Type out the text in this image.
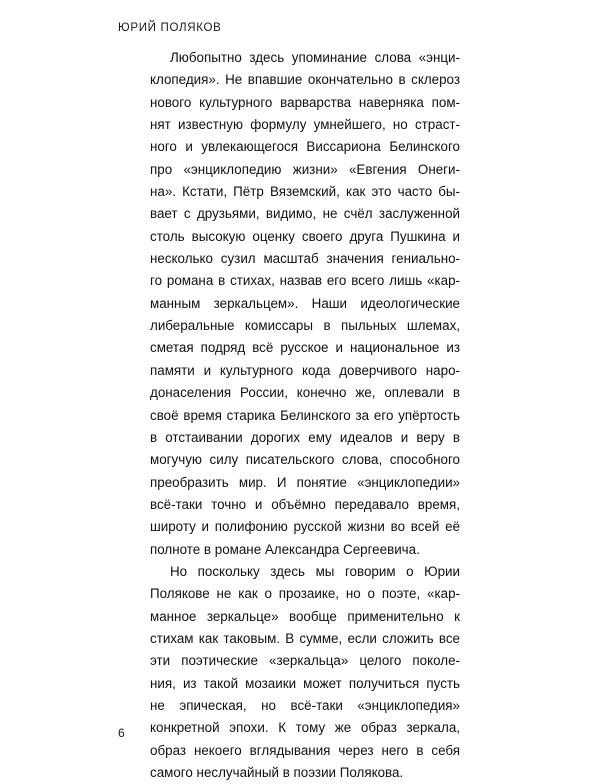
ЮРИЙ ПОЛЯКОВ
Любопытно здесь упоминание слова «энци-
клопедия». Не впавшие окончательно в склероз
нового культурного варварства наверняка пом-
нят известную формулу умнейшего, но страст-
ного и увлекающегося Виссариона Белинского
про «энциклопедию жизни» «Евгения Онеги-
на». Кстати, Пётр Вяземский, как это часто бы-
вает с друзьями, видимо, не счёл заслуженной
столь высокую оценку своего друга Пушкина и
несколько сузил масштаб значения гениально-
го романа в стихах, назвав его всего лишь «кар-
манным зеркальцем». Наши идеологические
либеральные комиссары в пыльных шлемах,
сметая подряд всё русское и национальное из
памяти и культурного кода доверчивого наро-
донаселения России, конечно же, оплевали в
своё время старика Белинского за его упёртость
в отстаивании дорогих ему идеалов и веру в
могучую силу писательского слова, способного
преобразить мир. И понятие «энциклопедии»
всё-таки точно и объёмно передавало время,
широту и полифонию русской жизни во всей её
полноте в романе Александра Сергеевича.
Но поскольку здесь мы говорим о Юрии
Полякове не как о прозаике, но о поэте, «кар-
манное зеркальце» вообще применительно к
стихам как таковым. В сумме, если сложить все
эти поэтические «зеркальца» целого поколе-
ния, из такой мозаики может получиться пусть
не эпическая, но всё-таки «энциклопедия»
конкретной эпохи. К тому же образ зеркала,
образ некоего вглядывания через него в себя
самого неслучайный в поэзии Полякова.
6
